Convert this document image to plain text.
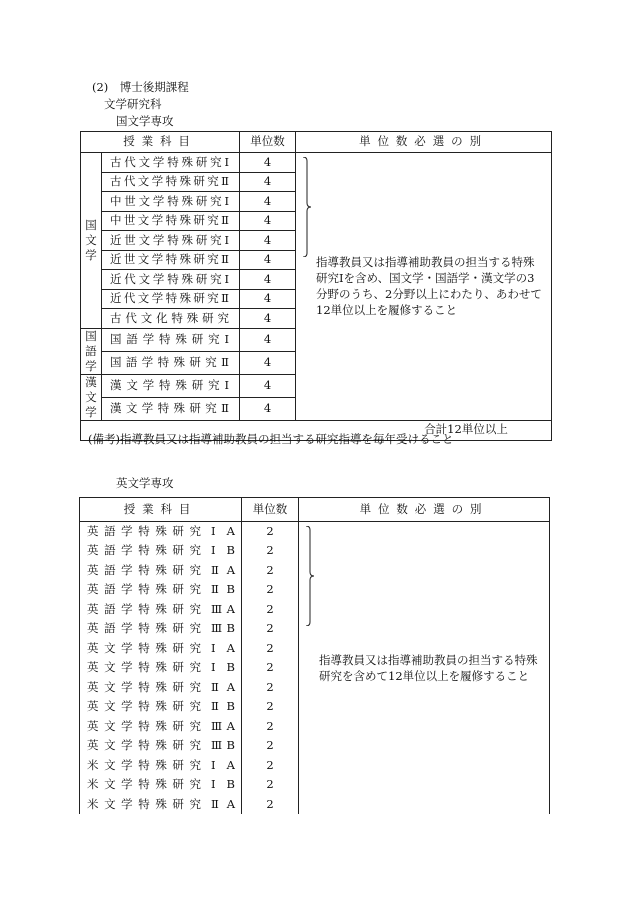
(2)　博士後期課程
文学研究科
国文学専攻
授業科目		単位数	単位数必選の別

国
文
学	古代文学特殊研究Ⅰ	4	指導教員又は指導補助教員の担当する特殊研究Ⅰを含め、国文学・国語学・漢文学の3分野のうち、2分野以上にわたり、あわせて12単位以上を履修すること

	古代文学特殊研究Ⅱ	4	

	中世文学特殊研究Ⅰ	4	

	中世文学特殊研究Ⅱ	4	

	近世文学特殊研究Ⅰ	4	

	近世文学特殊研究Ⅱ	4	

	近代文学特殊研究Ⅰ	4	

	近代文学特殊研究Ⅱ	4	

	古代文化特殊研究	4	

国
語
学	国語学特殊研究Ⅰ	4	

	国語学特殊研究Ⅱ	4	

漢
文
学	漢文学特殊研究Ⅰ	4	

	漢文学特殊研究Ⅱ	4	
合計12単位以上			
(備考)指導教員又は指導補助教員の担当する研究指導を毎年受けること
英文学専攻
授業科目	単位数	単位数必選の別

英語学特殊研究 ⅠA	2	指導教員又は指導補助教員の担当する特殊研究を含めて12単位以上を履修すること

英語学特殊研究 ⅠB	2	

英語学特殊研究 ⅡA	2	

英語学特殊研究 ⅡB	2	

英語学特殊研究 ⅢA	2	

英語学特殊研究 ⅢB	2	

英文学特殊研究 ⅠA	2	

英文学特殊研究 ⅠB	2	

英文学特殊研究 ⅡA	2	

英文学特殊研究 ⅡB	2	

英文学特殊研究 ⅢA	2	

英文学特殊研究 ⅢB	2	

米文学特殊研究 ⅠA	2	

米文学特殊研究 ⅠB	2	

米文学特殊研究 ⅡA	2	
